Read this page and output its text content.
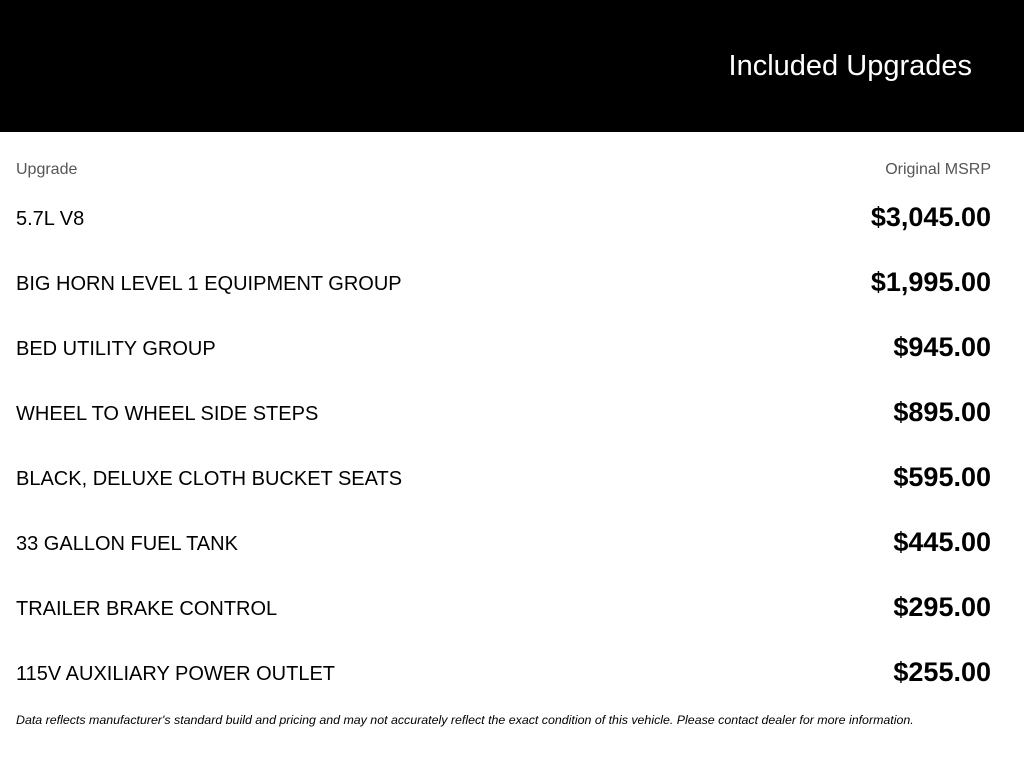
Included Upgrades
Upgrade	Original MSRP
5.7L V8	$3,045.00
BIG HORN LEVEL 1 EQUIPMENT GROUP	$1,995.00
BED UTILITY GROUP	$945.00
WHEEL TO WHEEL SIDE STEPS	$895.00
BLACK, DELUXE CLOTH BUCKET SEATS	$595.00
33 GALLON FUEL TANK	$445.00
TRAILER BRAKE CONTROL	$295.00
115V AUXILIARY POWER OUTLET	$255.00
Data reflects manufacturer's standard build and pricing and may not accurately reflect the exact condition of this vehicle. Please contact dealer for more information.
